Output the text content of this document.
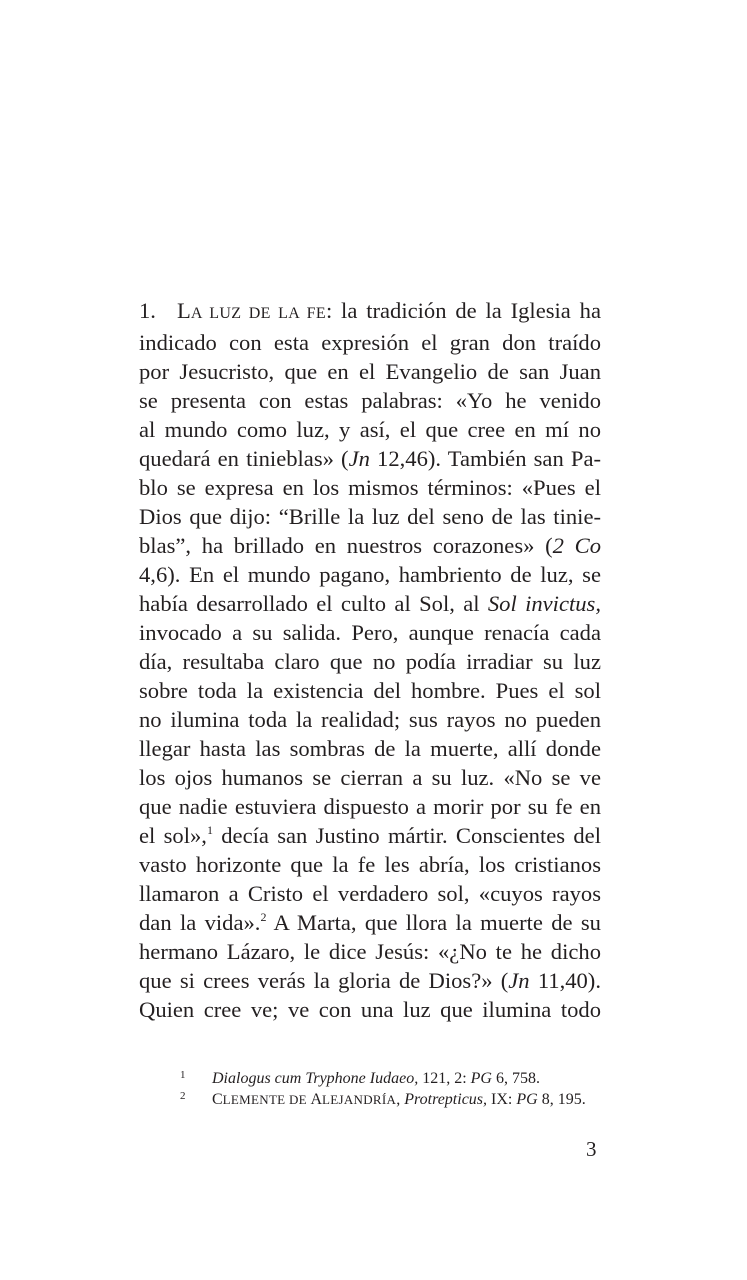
1. LA LUZ DE LA FE: la tradición de la Iglesia ha
indicado con esta expresión el gran don traído
por Jesucristo, que en el Evangelio de san Juan
se presenta con estas palabras: «Yo he venido
al mundo como luz, y así, el que cree en mí no
quedará en tinieblas» (Jn 12,46). También san Pa-
blo se expresa en los mismos términos: «Pues el
Dios que dijo: “Brille la luz del seno de las tinie-
blas”, ha brillado en nuestros corazones» (2 Co
4,6). En el mundo pagano, hambriento de luz, se
había desarrollado el culto al Sol, al Sol invictus,
invocado a su salida. Pero, aunque renacía cada
día, resultaba claro que no podía irradiar su luz
sobre toda la existencia del hombre. Pues el sol
no ilumina toda la realidad; sus rayos no pueden
llegar hasta las sombras de la muerte, allí donde
los ojos humanos se cierran a su luz. «No se ve
que nadie estuviera dispuesto a morir por su fe en
el sol»,$^1$ decía san Justino mártir. Conscientes del
vasto horizonte que la fe les abría, los cristianos
llamaron a Cristo el verdadero sol, «cuyos rayos
dan la vida».$^2$ A Marta, que llora la muerte de su
hermano Lázaro, le dice Jesús: «¿No te he dicho
que si crees verás la gloria de Dios?» (Jn 11,40).
Quien cree ve; ve con una luz que ilumina todo
1 Dialogus cum Tryphone Iudaeo, 121, 2: PG 6, 758.
2 CLEMENTE DE ALEJANDRÍA, Protrepticus, IX: PG 8, 195.
3
